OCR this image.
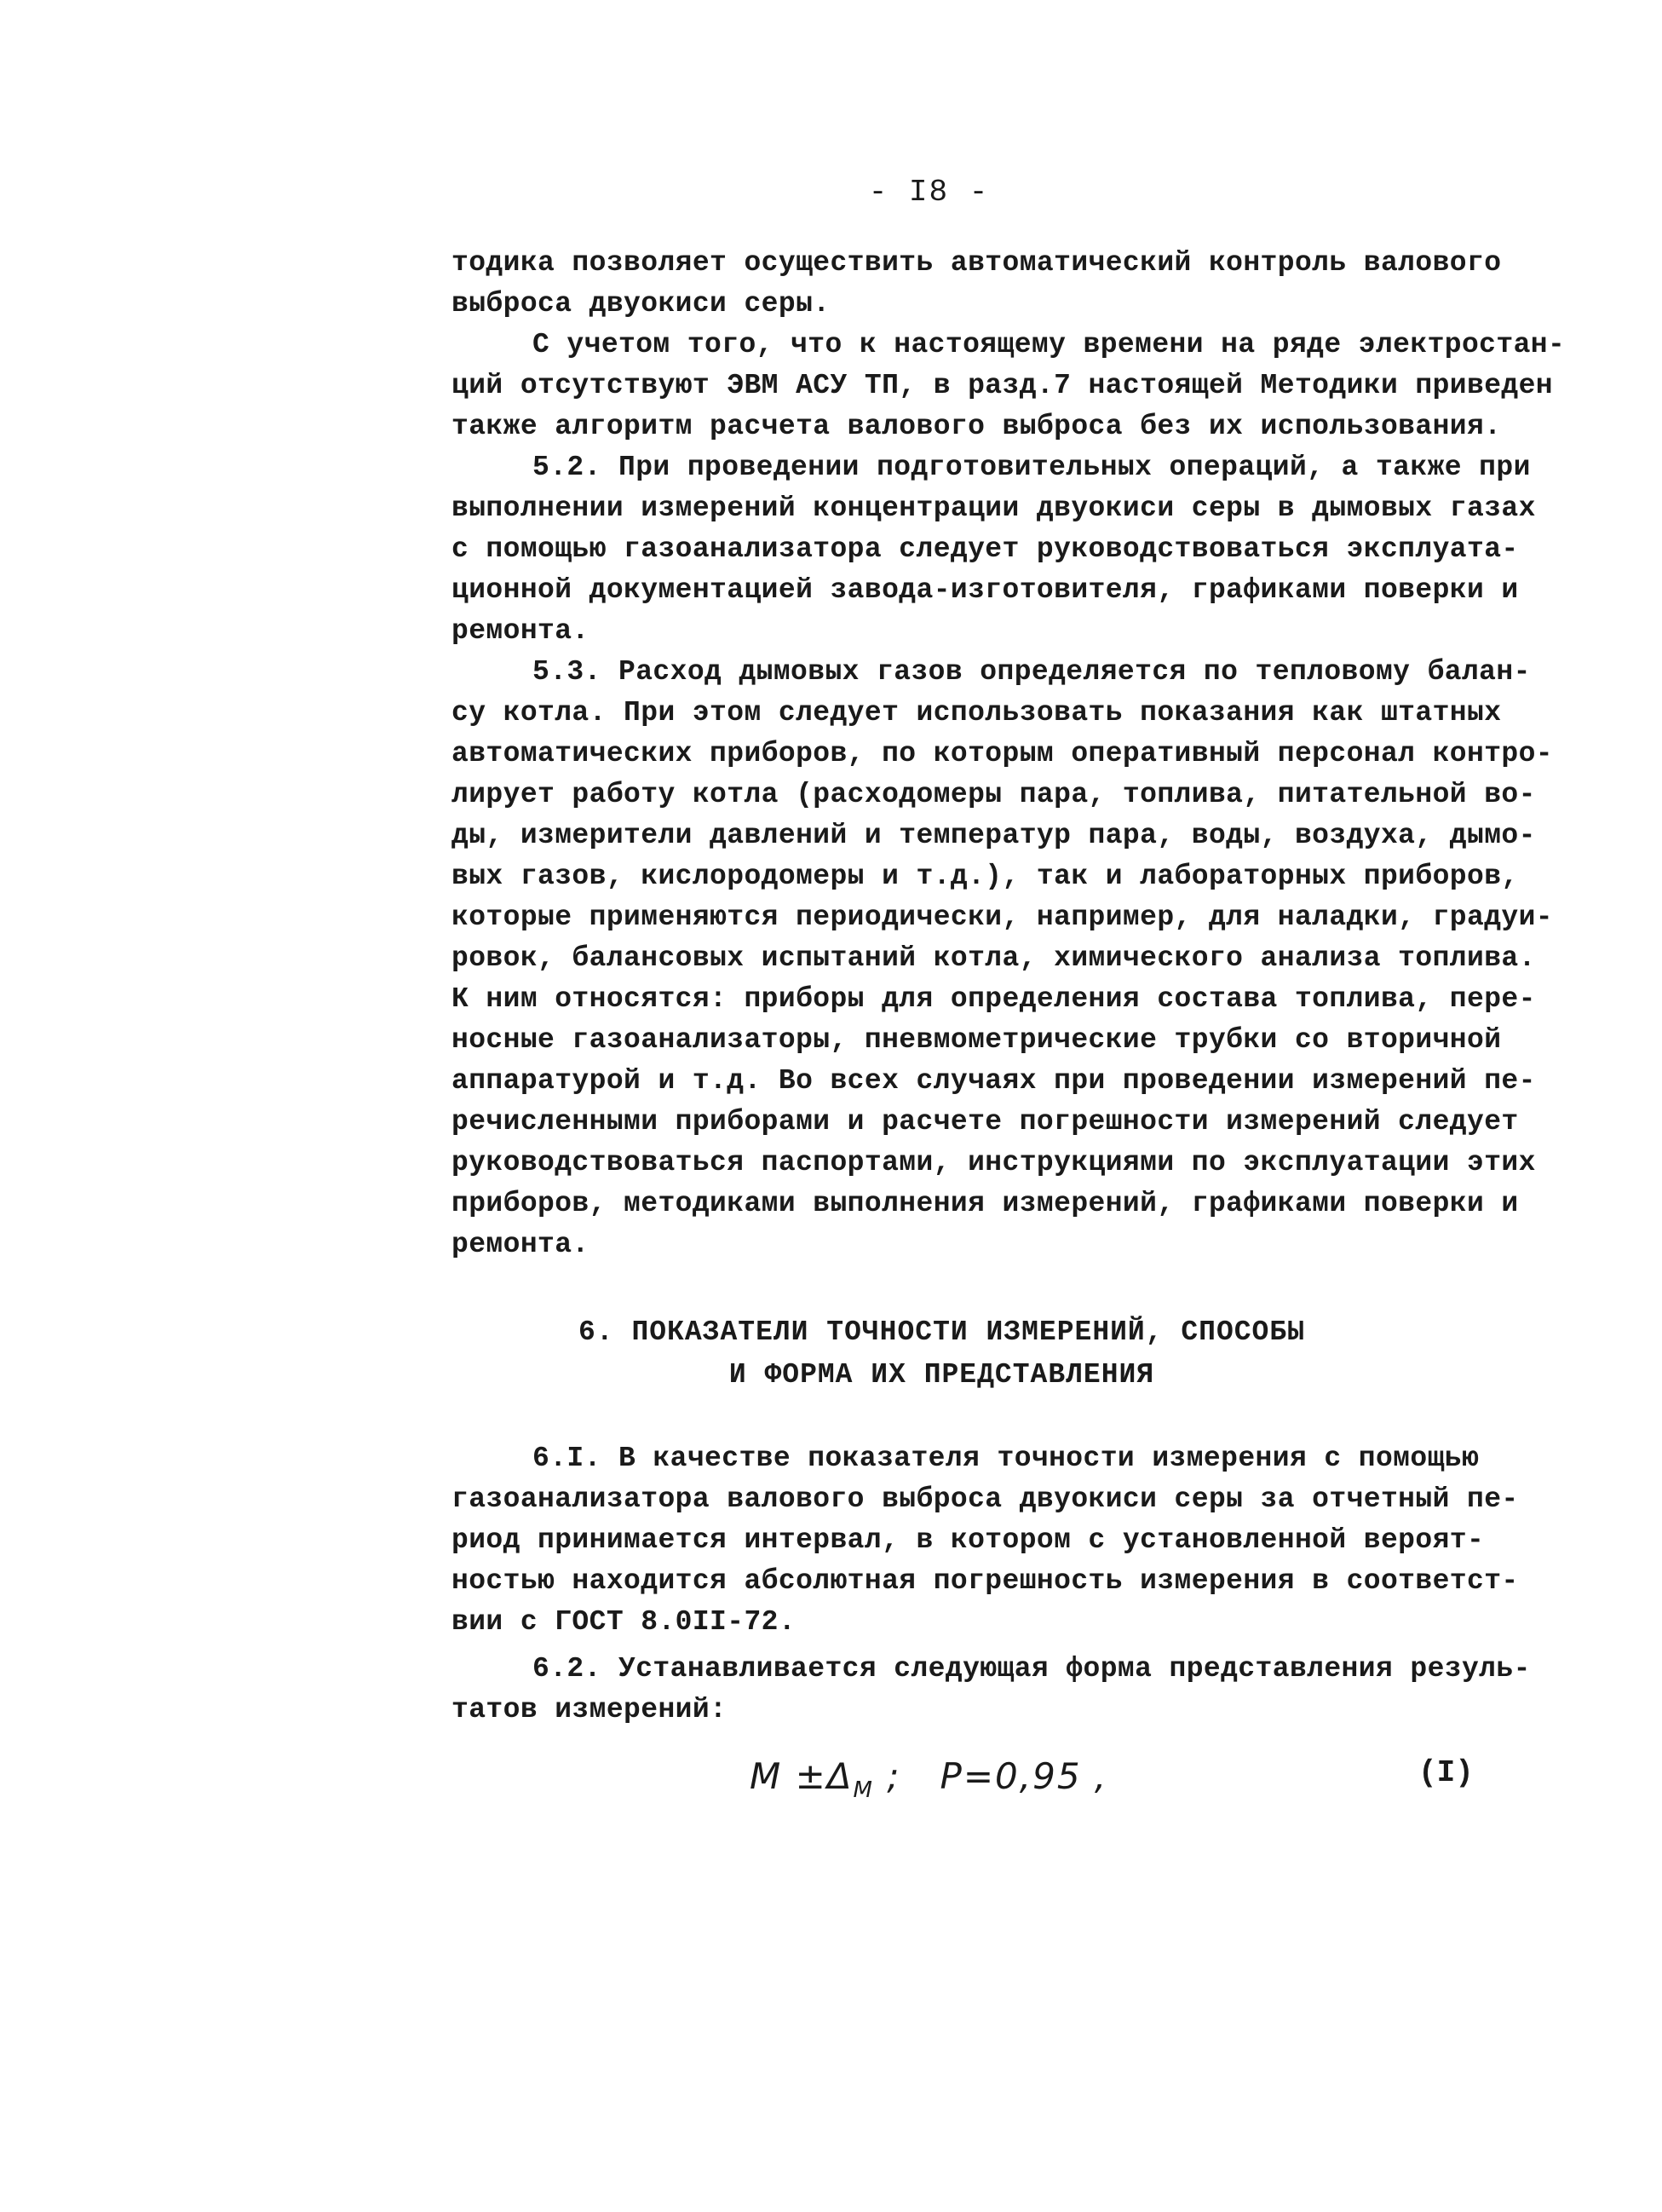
- I8 -
тодика позволяет осуществить автоматический контроль валового
выброса двуокиси серы.
С учетом того, что к настоящему времени на ряде электростан-
ций отсутствуют ЭВМ АСУ ТП, в разд.7 настоящей Методики приведен
также алгоритм расчета валового выброса без их использования.
5.2. При проведении подготовительных операций, а также при
выполнении измерений концентрации двуокиси серы в дымовых газах
с помощью газоанализатора следует руководствоваться эксплуата-
ционной документацией завода-изготовителя, графиками поверки и
ремонта.
5.3. Расход дымовых газов определяется по тепловому балан-
су котла. При этом следует использовать показания как штатных
автоматических приборов, по которым оперативный персонал контро-
лирует работу котла (расходомеры пара, топлива, питательной во-
ды, измерители давлений и температур пара, воды, воздуха, дымо-
вых газов, кислородомеры и т.д.), так и лабораторных приборов,
которые применяются периодически, например, для наладки, градуи-
ровок, балансовых испытаний котла, химического анализа топлива.
К ним относятся: приборы для определения состава топлива, пере-
носные газоанализаторы, пневмометрические трубки со вторичной
аппаратурой и т.д. Во всех случаях при проведении измерений пе-
речисленными приборами и расчете погрешности измерений следует
руководствоваться паспортами, инструкциями по эксплуатации этих
приборов, методиками выполнения измерений, графиками поверки и
ремонта.
6. ПОКАЗАТЕЛИ ТОЧНОСТИ ИЗМЕРЕНИЙ, СПОСОБЫ
И ФОРМА ИХ ПРЕДСТАВЛЕНИЯ
6.I. В качестве показателя точности измерения с помощью
газоанализатора валового выброса двуокиси серы за отчетный пе-
риод принимается интервал, в котором с установленной вероят-
ностью находится абсолютная погрешность измерения в соответст-
вии с ГОСТ 8.0II-72.
6.2. Устанавливается следующая форма представления резуль-
татов измерений:
$M \pm\Delta_M$ ;   P=0,95 ,	(I)
